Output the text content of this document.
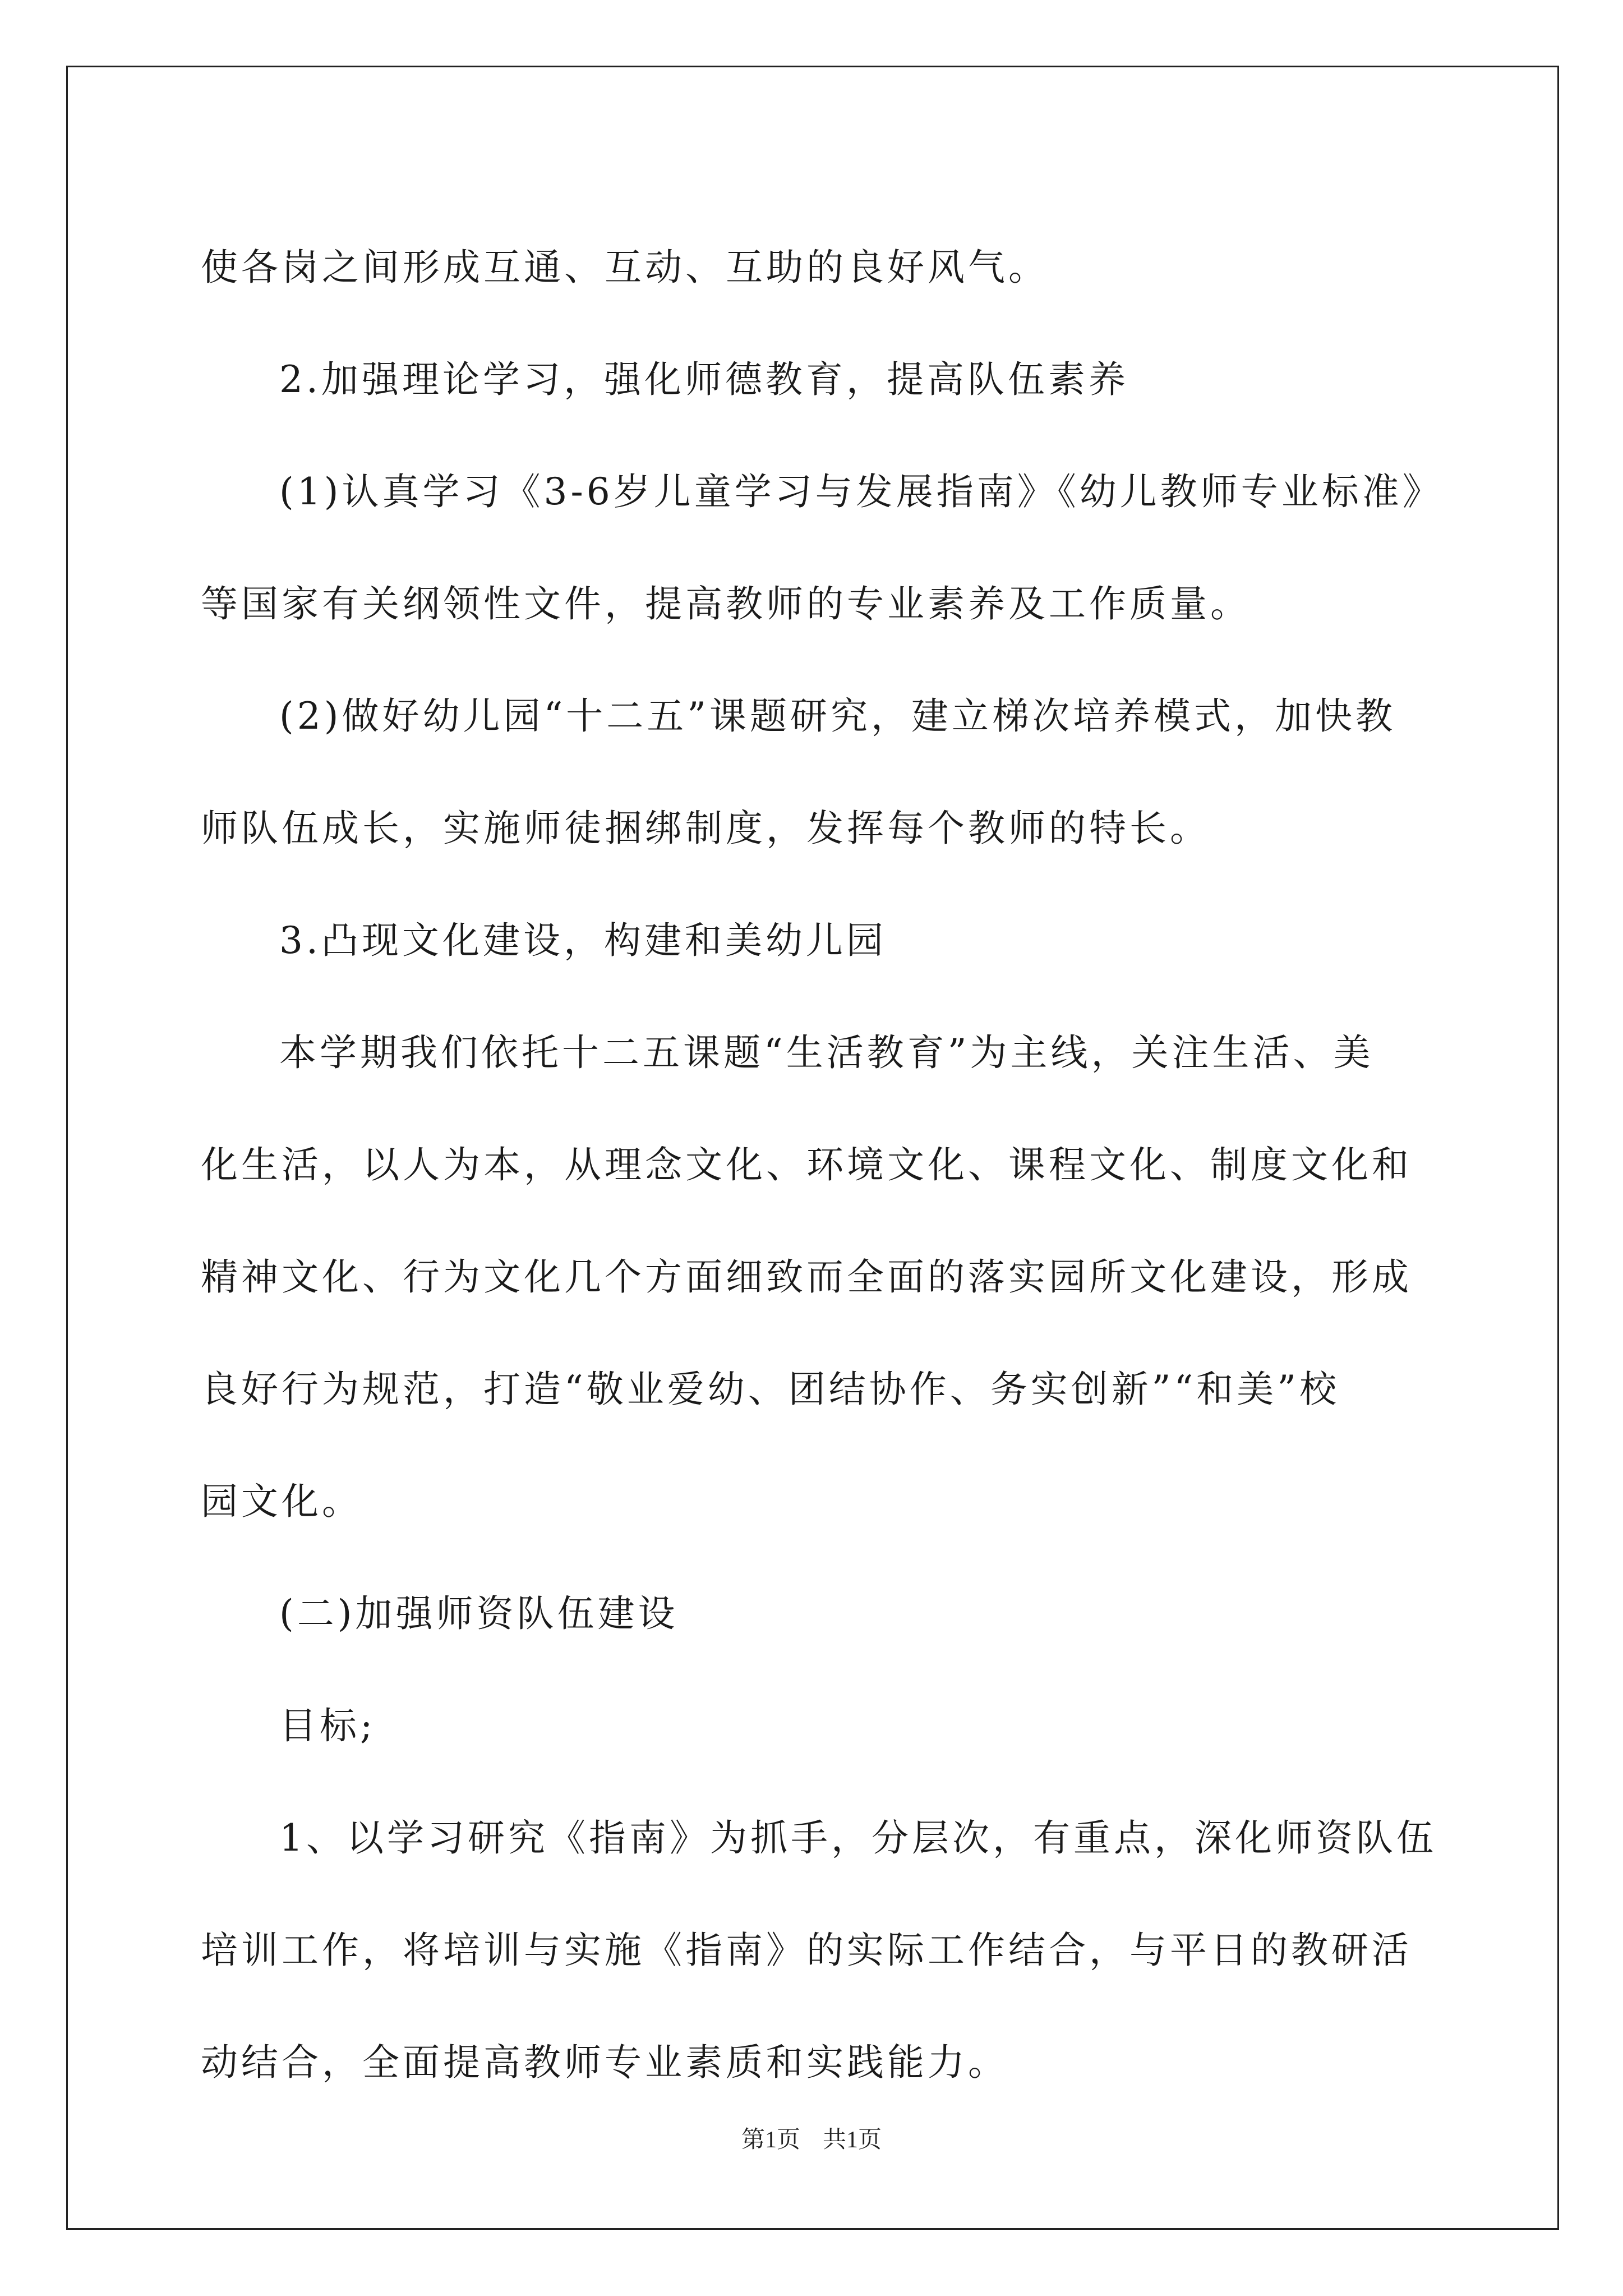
使各岗之间形成互通、互动、互助的良好风气。
2.加强理论学习，强化师德教育，提高队伍素养
(1)认真学习《3-6岁儿童学习与发展指南》《幼儿教师专业标准》
等国家有关纲领性文件，提高教师的专业素养及工作质量。
(2)做好幼儿园“十二五”课题研究，建立梯次培养模式，加快教
师队伍成长，实施师徒捆绑制度，发挥每个教师的特长。
3.凸现文化建设，构建和美幼儿园
本学期我们依托十二五课题“生活教育”为主线，关注生活、美
化生活，以人为本，从理念文化、环境文化、课程文化、制度文化和
精神文化、行为文化几个方面细致而全面的落实园所文化建设，形成
良好行为规范，打造“敬业爱幼、团结协作、务实创新”“和美”校
园文化。
(二)加强师资队伍建设
目标;
1、以学习研究《指南》为抓手，分层次，有重点，深化师资队伍
培训工作，将培训与实施《指南》的实际工作结合，与平日的教研活
动结合，全面提高教师专业素质和实践能力。
第1页 共1页
